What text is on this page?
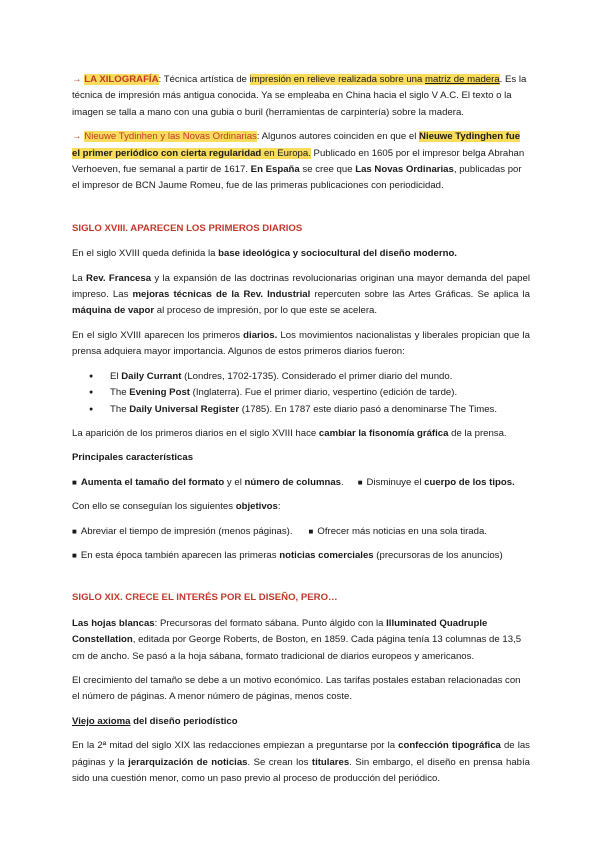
→ LA XILOGRAFÍA: Técnica artística de impresión en relieve realizada sobre una matriz de madera. Es la técnica de impresión más antigua conocida. Ya se empleaba en China hacia el siglo V A.C. El texto o la imagen se talla a mano con una gubia o buril (herramientas de carpintería) sobre la madera.

→ Nieuwe Tydinhen y las Novas Ordinarias: Algunos autores coinciden en que el Nieuwe Tydinghen fue el primer periódico con cierta regularidad en Europa. Publicado en 1605 por el impresor belga Abrahan Verhoeven, fue semanal a partir de 1617. En España se cree que Las Novas Ordinarias, publicadas por el impresor de BCN Jaume Romeu, fue de las primeras publicaciones con periodicidad.

SIGLO XVIII. APARECEN LOS PRIMEROS DIARIOS

En el siglo XVIII queda definida la base ideológica y sociocultural del diseño moderno.

La Rev. Francesa y la expansión de las doctrinas revolucionarias originan una mayor demanda del papel impreso. Las mejoras técnicas de la Rev. Industrial repercuten sobre las Artes Gráficas. Se aplica la máquina de vapor al proceso de impresión, por lo que este se acelera.

En el siglo XVIII aparecen los primeros diarios. Los movimientos nacionalistas y liberales propician que la prensa adquiera mayor importancia. Algunos de estos primeros diarios fueron:

● El Daily Currant (Londres, 1702-1735). Considerado el primer diario del mundo.
● The Evening Post (Inglaterra). Fue el primer diario, vespertino (edición de tarde).
● The Daily Universal Register (1785). En 1787 este diario pasó a denominarse The Times.

La aparición de los primeros diarios en el siglo XVIII hace cambiar la fisonomía gráfica de la prensa.

Principales características

■ Aumenta el tamaño del formato y el número de columnas. ■ Disminuye el cuerpo de los tipos.

Con ello se conseguían los siguientes objetivos:

■ Abreviar el tiempo de impresión (menos páginas). ■ Ofrecer más noticias en una sola tirada.

■ En esta época también aparecen las primeras noticias comerciales (precursoras de los anuncios)

SIGLO XIX. CRECE EL INTERÉS POR EL DISEÑO, PERO…

Las hojas blancas: Precursoras del formato sábana. Punto álgido con la Illuminated Quadruple Constellation, editada por George Roberts, de Boston, en 1859. Cada página tenía 13 columnas de 13,5 cm de ancho. Se pasó a la hoja sábana, formato tradicional de diarios europeos y americanos.

El crecimiento del tamaño se debe a un motivo económico. Las tarifas postales estaban relacionadas con el número de páginas. A menor número de páginas, menos coste.

Viejo axioma del diseño periodístico

En la 2ª mitad del siglo XIX las redacciones empiezan a preguntarse por la confección tipográfica de las páginas y la jerarquización de noticias. Se crean los titulares. Sin embargo, el diseño en prensa había sido una cuestión menor, como un paso previo al proceso de producción del periódico.
